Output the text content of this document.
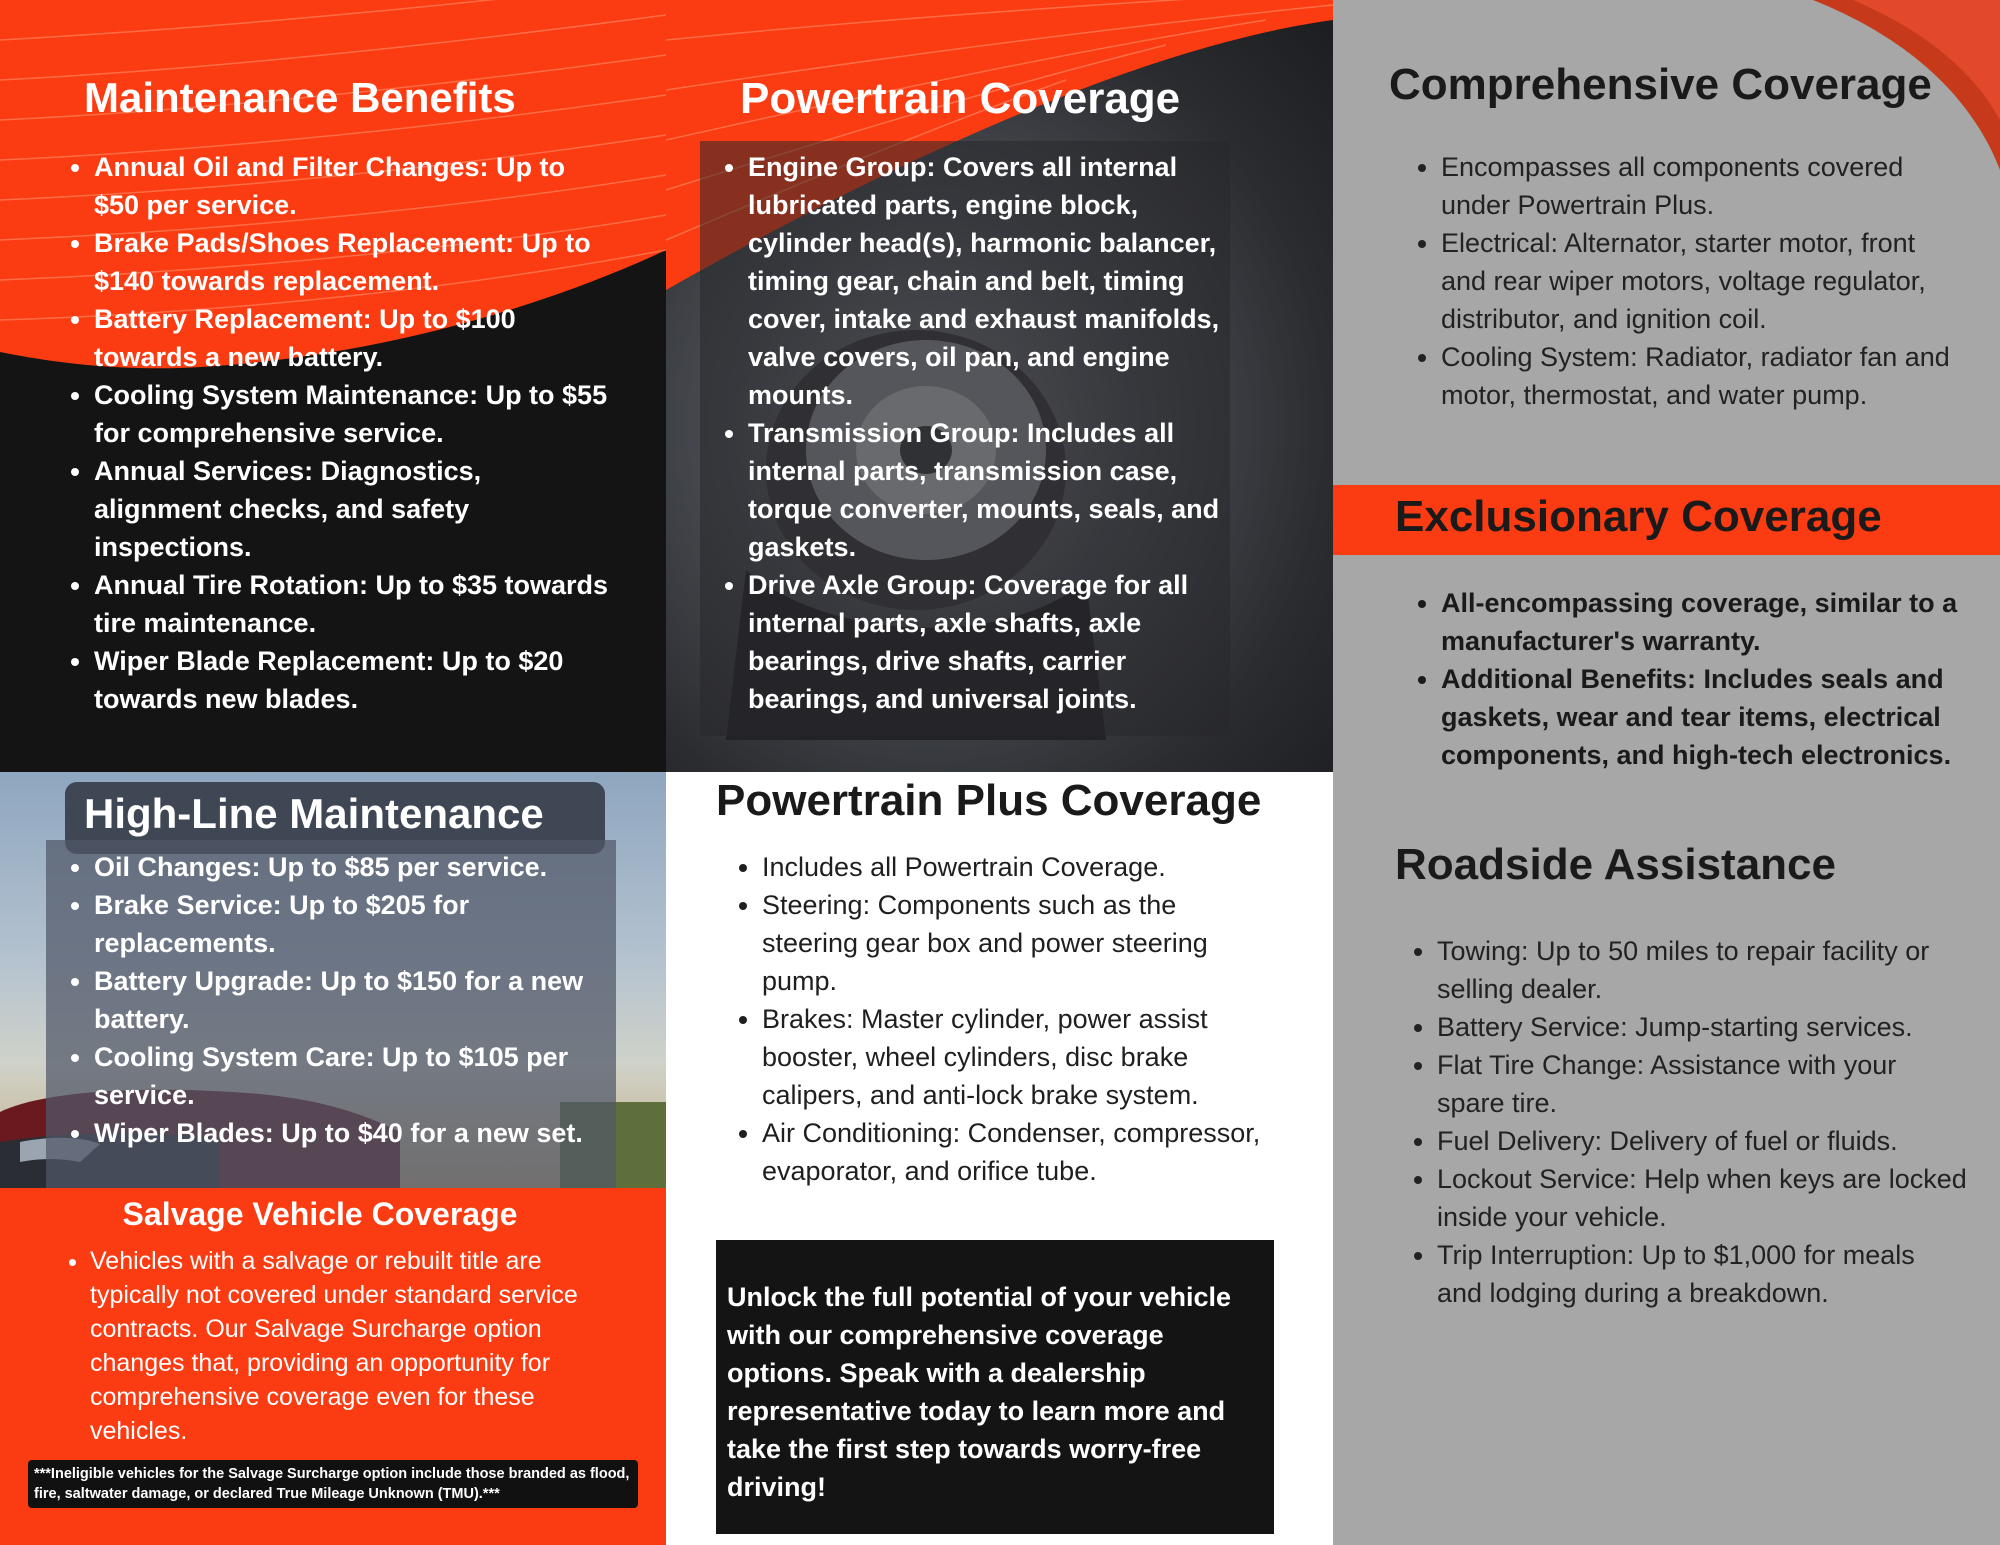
Maintenance Benefits
• Annual Oil and Filter Changes: Up to $50 per service.
• Brake Pads/Shoes Replacement: Up to $140 towards replacement.
• Battery Replacement: Up to $100 towards a new battery.
• Cooling System Maintenance: Up to $55 for comprehensive service.
• Annual Services: Diagnostics, alignment checks, and safety inspections.
• Annual Tire Rotation: Up to $35 towards tire maintenance.
• Wiper Blade Replacement: Up to $20 towards new blades.
High-Line Maintenance
• Oil Changes: Up to $85 per service.
• Brake Service: Up to $205 for replacements.
• Battery Upgrade: Up to $150 for a new battery.
• Cooling System Care: Up to $105 per service.
• Wiper Blades: Up to $40 for a new set.
Salvage Vehicle Coverage
• Vehicles with a salvage or rebuilt title are typically not covered under standard service contracts. Our Salvage Surcharge option changes that, providing an opportunity for comprehensive coverage even for these vehicles.
***Ineligible vehicles for the Salvage Surcharge option include those branded as flood, fire, saltwater damage, or declared True Mileage Unknown (TMU).***
Powertrain Coverage
• Engine Group: Covers all internal lubricated parts, engine block, cylinder head(s), harmonic balancer, timing gear, chain and belt, timing cover, intake and exhaust manifolds, valve covers, oil pan, and engine mounts.
• Transmission Group: Includes all internal parts, transmission case, torque converter, mounts, seals, and gaskets.
• Drive Axle Group: Coverage for all internal parts, axle shafts, axle bearings, drive shafts, carrier bearings, and universal joints.
Powertrain Plus Coverage
• Includes all Powertrain Coverage.
• Steering: Components such as the steering gear box and power steering pump.
• Brakes: Master cylinder, power assist booster, wheel cylinders, disc brake calipers, and anti-lock brake system.
• Air Conditioning: Condenser, compressor, evaporator, and orifice tube.
Unlock the full potential of your vehicle with our comprehensive coverage options. Speak with a dealership representative today to learn more and take the first step towards worry-free driving!
Comprehensive Coverage
• Encompasses all components covered under Powertrain Plus.
• Electrical: Alternator, starter motor, front and rear wiper motors, voltage regulator, distributor, and ignition coil.
• Cooling System: Radiator, radiator fan and motor, thermostat, and water pump.
Exclusionary Coverage
• All-encompassing coverage, similar to a manufacturer's warranty.
• Additional Benefits: Includes seals and gaskets, wear and tear items, electrical components, and high-tech electronics.
Roadside Assistance
• Towing: Up to 50 miles to repair facility or selling dealer.
• Battery Service: Jump-starting services.
• Flat Tire Change: Assistance with your spare tire.
• Fuel Delivery: Delivery of fuel or fluids.
• Lockout Service: Help when keys are locked inside your vehicle.
• Trip Interruption: Up to $1,000 for meals and lodging during a breakdown.
